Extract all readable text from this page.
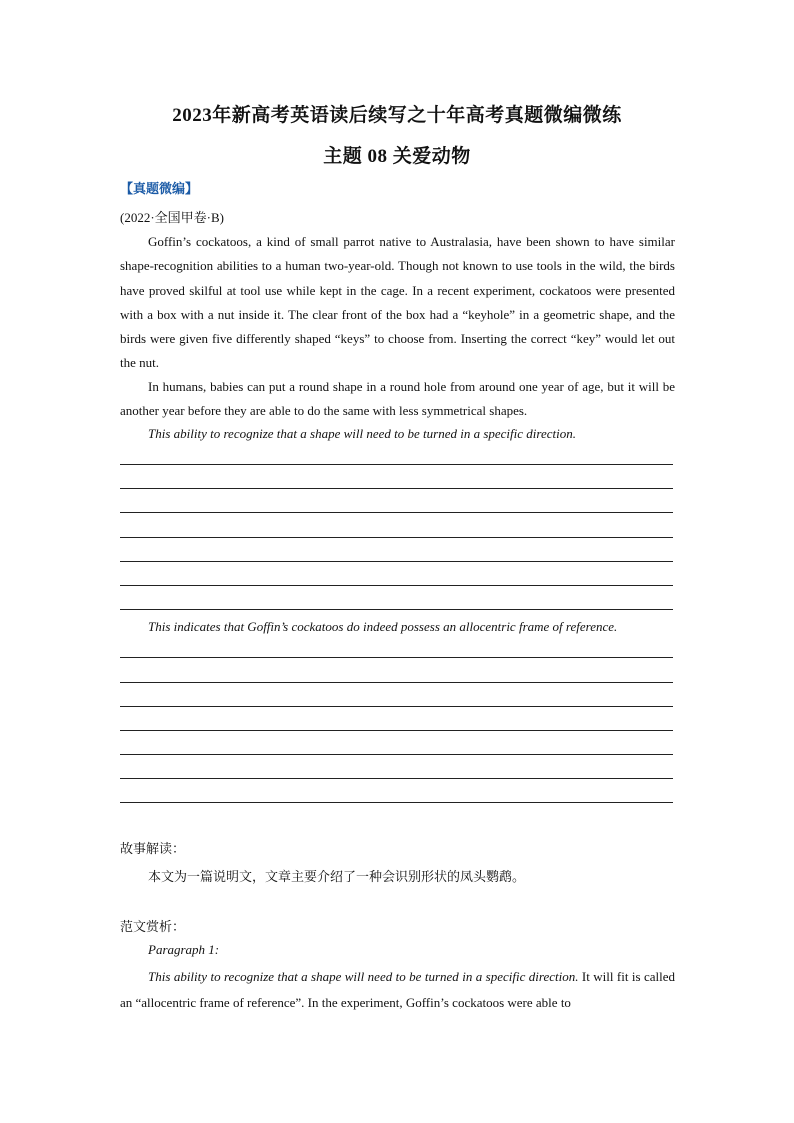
2023年新高考英语读后续写之十年高考真题微编微练
主题 08 关爱动物
【真题微编】
(2022·全国甲卷·B)

Goffin’s cockatoos, a kind of small parrot native to Australasia, have been shown to have similar shape-recognition abilities to a human two-year-old. Though not known to use tools in the wild, the birds have proved skilful at tool use while kept in the cage. In a recent experiment, cockatoos were presented with a box with a nut inside it. The clear front of the box had a “keyhole” in a geometric shape, and the birds were given five differently shaped “keys” to choose from. Inserting the correct “key” would let out the nut.

In humans, babies can put a round shape in a round hole from around one year of age, but it will be another year before they are able to do the same with less symmetrical shapes.

This ability to recognize that a shape will need to be turned in a specific direction.
This indicates that Goffin’s cockatoos do indeed possess an allocentric frame of reference.
故事解读：
本文为一篇说明文，文章主要介绍了一种会识别形状的凤头鹦鹉。
范文赏析：
Paragraph 1:

This ability to recognize that a shape will need to be turned in a specific direction. It will fit is called an “allocentric frame of reference”. In the experiment, Goffin’s cockatoos were able to
